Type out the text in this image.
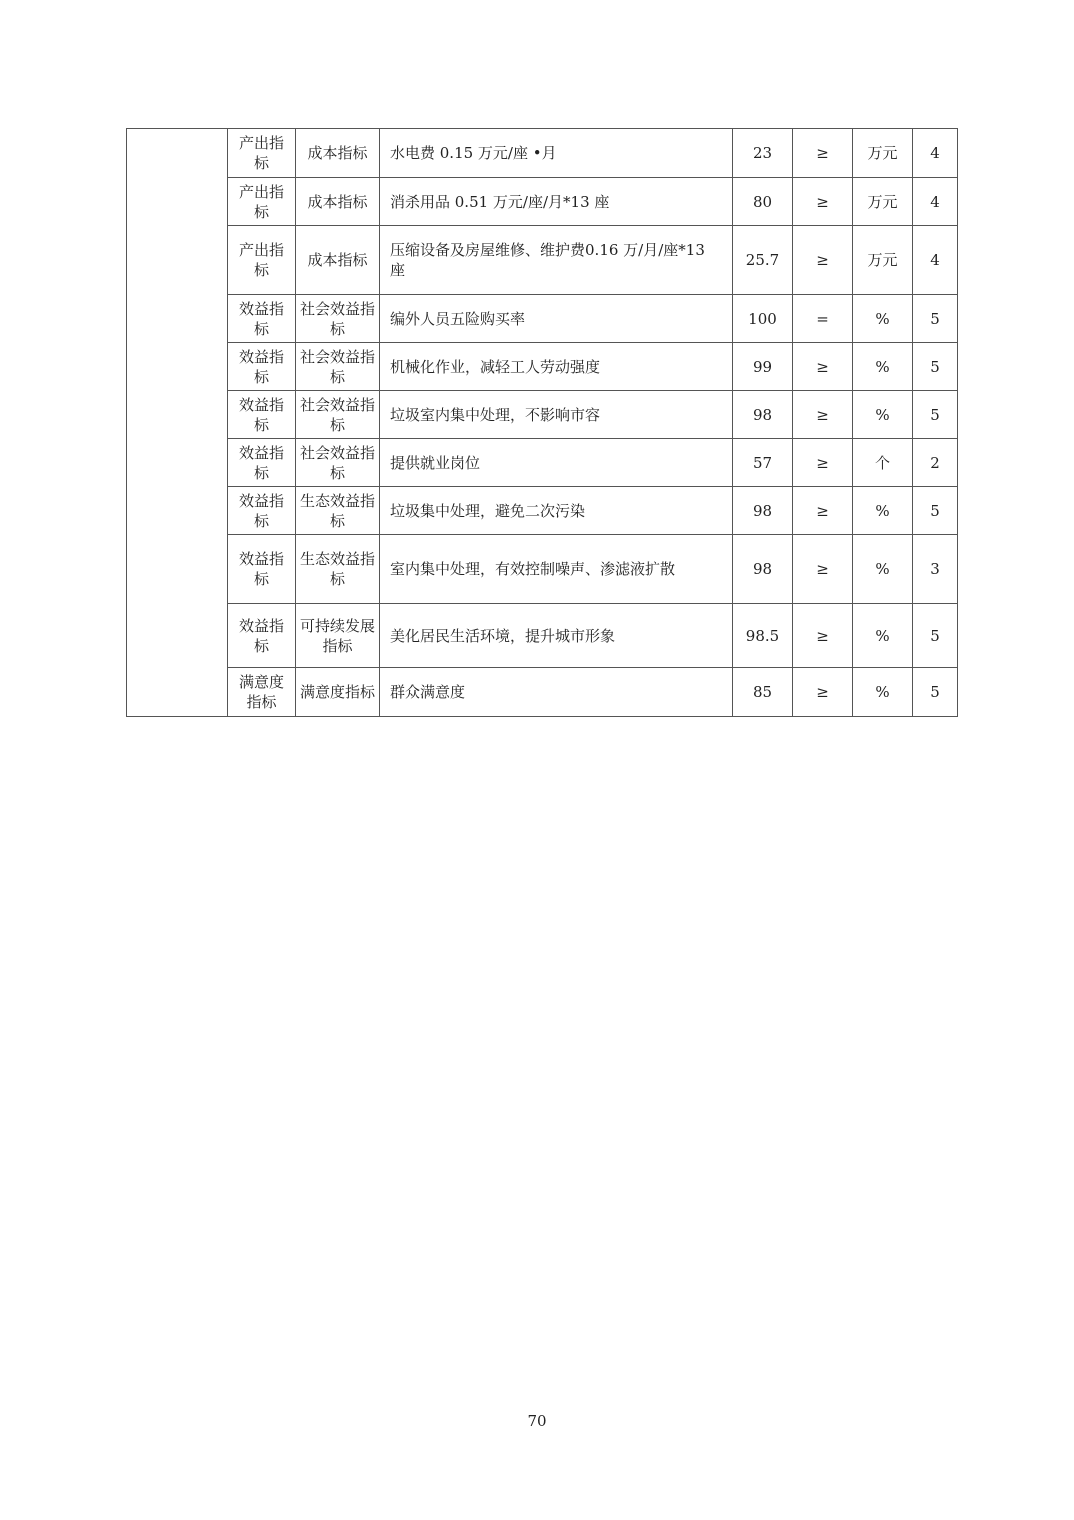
	产出指标	成本指标	水电费 0.15 万元/座 •月	23	≥	万元	4
	产出指标	成本指标	消杀用品 0.51 万元/座/月*13 座	80	≥	万元	4
	产出指标	成本指标	压缩设备及房屋维修、维护费0.16 万/月/座*13 座	25.7	≥	万元	4
	效益指标	社会效益指标	编外人员五险购买率	100	=	%	5
	效益指标	社会效益指标	机械化作业，减轻工人劳动强度	99	≥	%	5
	效益指标	社会效益指标	垃圾室内集中处理，不影响市容	98	≥	%	5
	效益指标	社会效益指标	提供就业岗位	57	≥	个	2
	效益指标	生态效益指标	垃圾集中处理，避免二次污染	98	≥	%	5
	效益指标	生态效益指标	室内集中处理，有效控制噪声、渗滤液扩散	98	≥	%	3
	效益指标	可持续发展指标	美化居民生活环境，提升城市形象	98.5	≥	%	5
	满意度指标	满意度指标	群众满意度	85	≥	%	5
70
